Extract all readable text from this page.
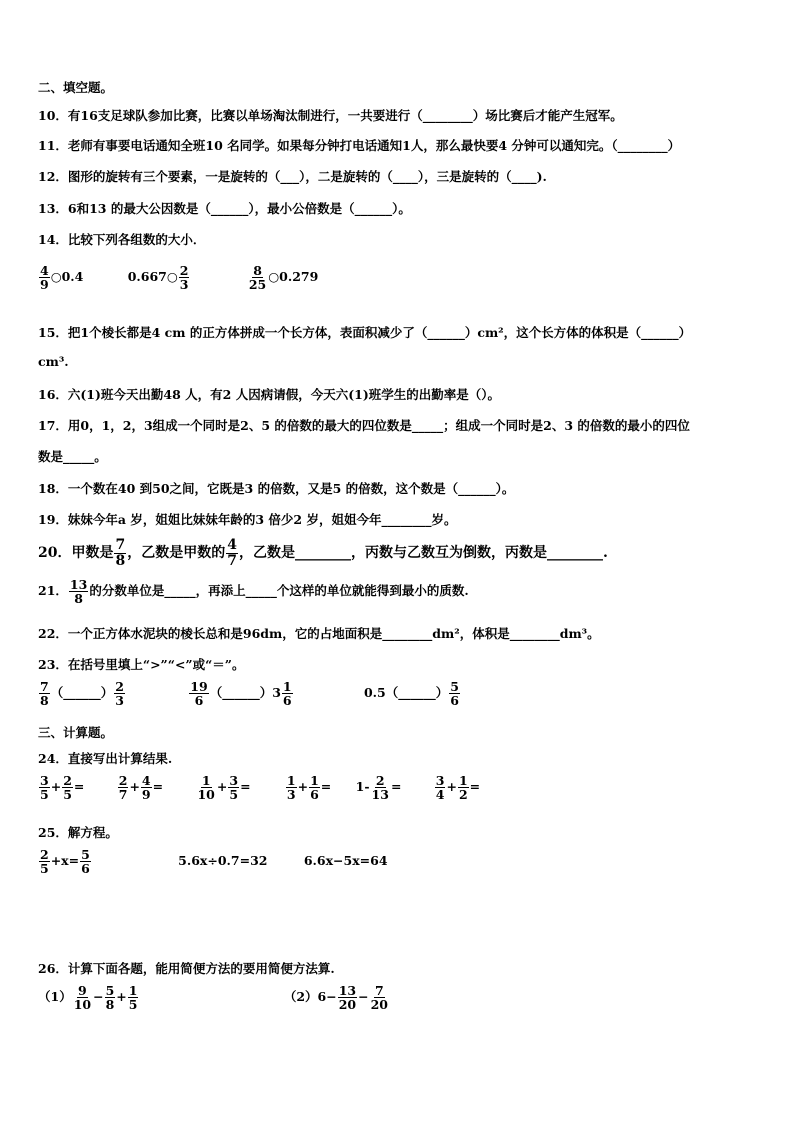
二、填空题。
10．有16支足球队参加比赛，比赛以单场淘汰制进行，一共要进行（________）场比赛后才能产生冠军。
11．老师有事要电话通知全班10 名同学。如果每分钟打电话通知1人，那么最快要4 分钟可以通知完。（________）
12．图形的旋转有三个要素，一是旋转的（___），二是旋转的（____），三是旋转的（____).
13．6和13 的最大公因数是（______），最小公倍数是（______）。
14．比较下列各组数的大小．
$\frac{4}{9}$ ○0.4	0.667○ $\frac{2}{3}$
	$\frac{8}{25}$ ○0.279
15．把1个棱长都是4 cm 的正方体拼成一个长方体，表面积减少了（______）cm²，这个长方体的体积是（______）
cm³.
16．六(1)班今天出勤48 人，有2 人因病请假，今天六(1)班学生的出勤率是（）。
17．用0，1，2，3组成一个同时是2、5 的倍数的最大的四位数是_____；组成一个同时是2、3 的倍数的最小的四位
数是_____。
18．一个数在40 到50之间，它既是3 的倍数，又是5 的倍数，这个数是（______）。
19．妹妹今年a 岁，姐姐比妹妹年龄的3 倍少2 岁，姐姐今年________岁。
20．甲数是 $\frac{7}{8}$ ，乙数是甲数的 $\frac{4}{7}$ ，乙数是________，丙数与乙数互为倒数，丙数是________.
21． $\frac{13}{8}$ 的分数单位是_____，再添上_____个这样的单位就能得到最小的质数.
22．一个正方体水泥块的棱长总和是96dm，它的占地面积是________dm²，体积是________dm³。
23．在括号里填上“>”“<”或“＝”。
$\frac{7}{8}$ （______） $\frac{2}{3}$
	$\frac{19}{6}$ （______）3 $\frac{1}{6}$	0.5（______） $\frac{5}{6}$
三、计算题。
24．直接写出计算结果.
$\frac{3}{5} + \frac{2}{5}$ =	$\frac{2}{7} + \frac{4}{9}$ =	$\frac{1}{10} + \frac{3}{5}$ =	$\frac{1}{3} + \frac{1}{6} = 1- \frac{2}{13}$ =	$\frac{3}{4} + \frac{1}{2}$ =
25．解方程。
$\frac{2}{5} +x= \frac{5}{6}$	5.6x÷0.7=32	6.6x−5x=64
26．计算下面各题，能用简便方法的要用简便方法算.
$(1) \frac{9}{10} - \frac{5}{8} + \frac{1}{5}$	$(2)6- \frac{13}{20} - \frac{7}{20}$
